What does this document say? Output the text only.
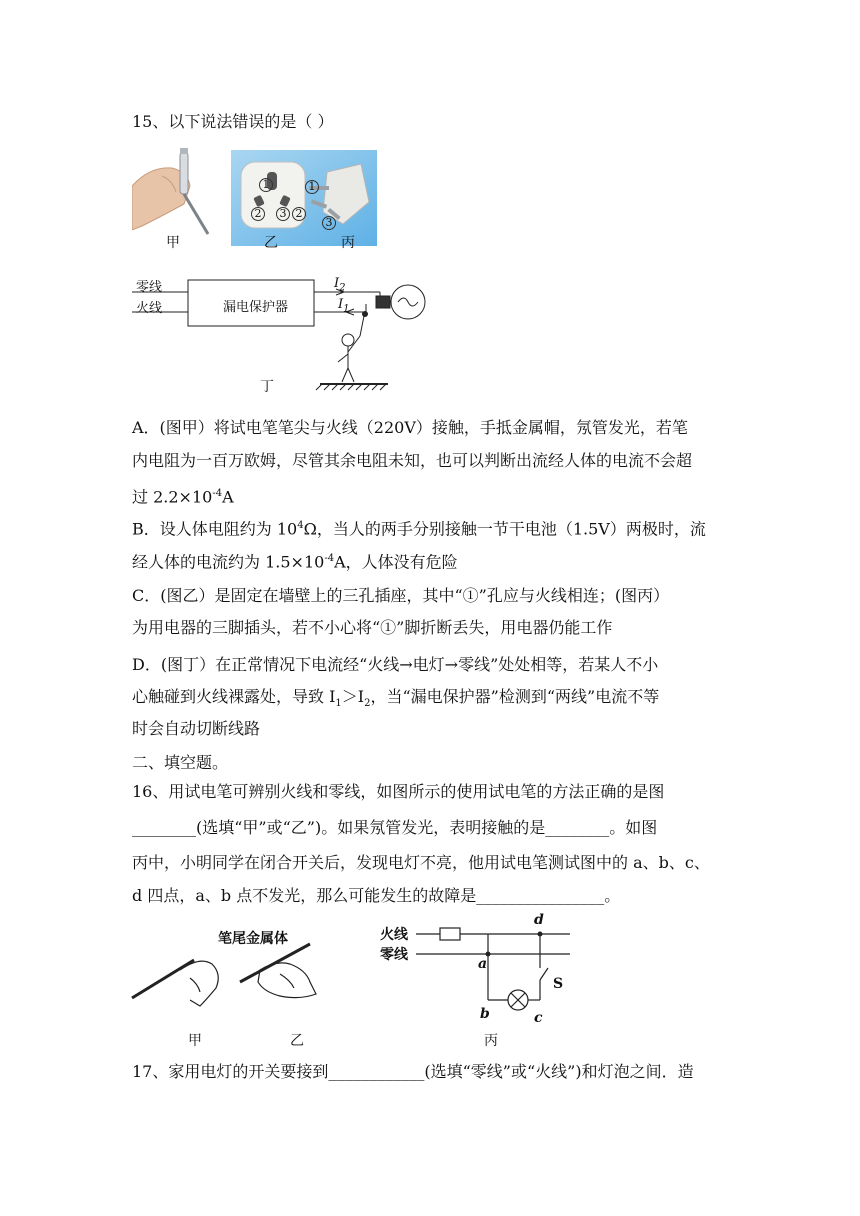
15、以下说法错误的是（ ）
甲
1
2	3
1
2
3
乙	丙
零线
火线	漏电保护器
$I_2$
$I_1$
丁
A．(图甲）将试电笔笔尖与火线（220V）接触，手抵金属帽，氖管发光，若笔
内电阻为一百万欧姆，尽管其余电阻未知，也可以判断出流经人体的电流不会超
过 $2.2\times 10^{-4}A$
B．设人体电阻约为 $10^4\Omega$，当人的两手分别接触一节干电池（1.5V）两极时，流
经人体的电流约为 $1.5\times 10^{-4}A$，人体没有危险
C．(图乙）是固定在墙壁上的三孔插座，其中“①”孔应与火线相连；(图丙）
为用电器的三脚插头，若不小心将“①”脚折断丢失，用电器仍能工作
D．(图丁）在正常情况下电流经“火线→电灯→零线”处处相等，若某人不小
心触碰到火线裸露处，导致 $I_1>I_2$，当“漏电保护器”检测到“两线”电流不等
时会自动切断线路
二、填空题。
16、用试电笔可辨别火线和零线，如图所示的使用试电笔的方法正确的是图
________(选填“甲”或“乙”)。如果氖管发光，表明接触的是________。如图
丙中，小明同学在闭合开关后，发现电灯不亮，他用试电笔测试图中的 a、b、c、
d 四点，a、b 点不发光，那么可能发生的故障是________________。
笔尾金属体
甲	乙
火线
零线
d
a
b	c
S
丙
17、家用电灯的开关要接到____________(选填“零线”或“火线”)和灯泡之间．造
